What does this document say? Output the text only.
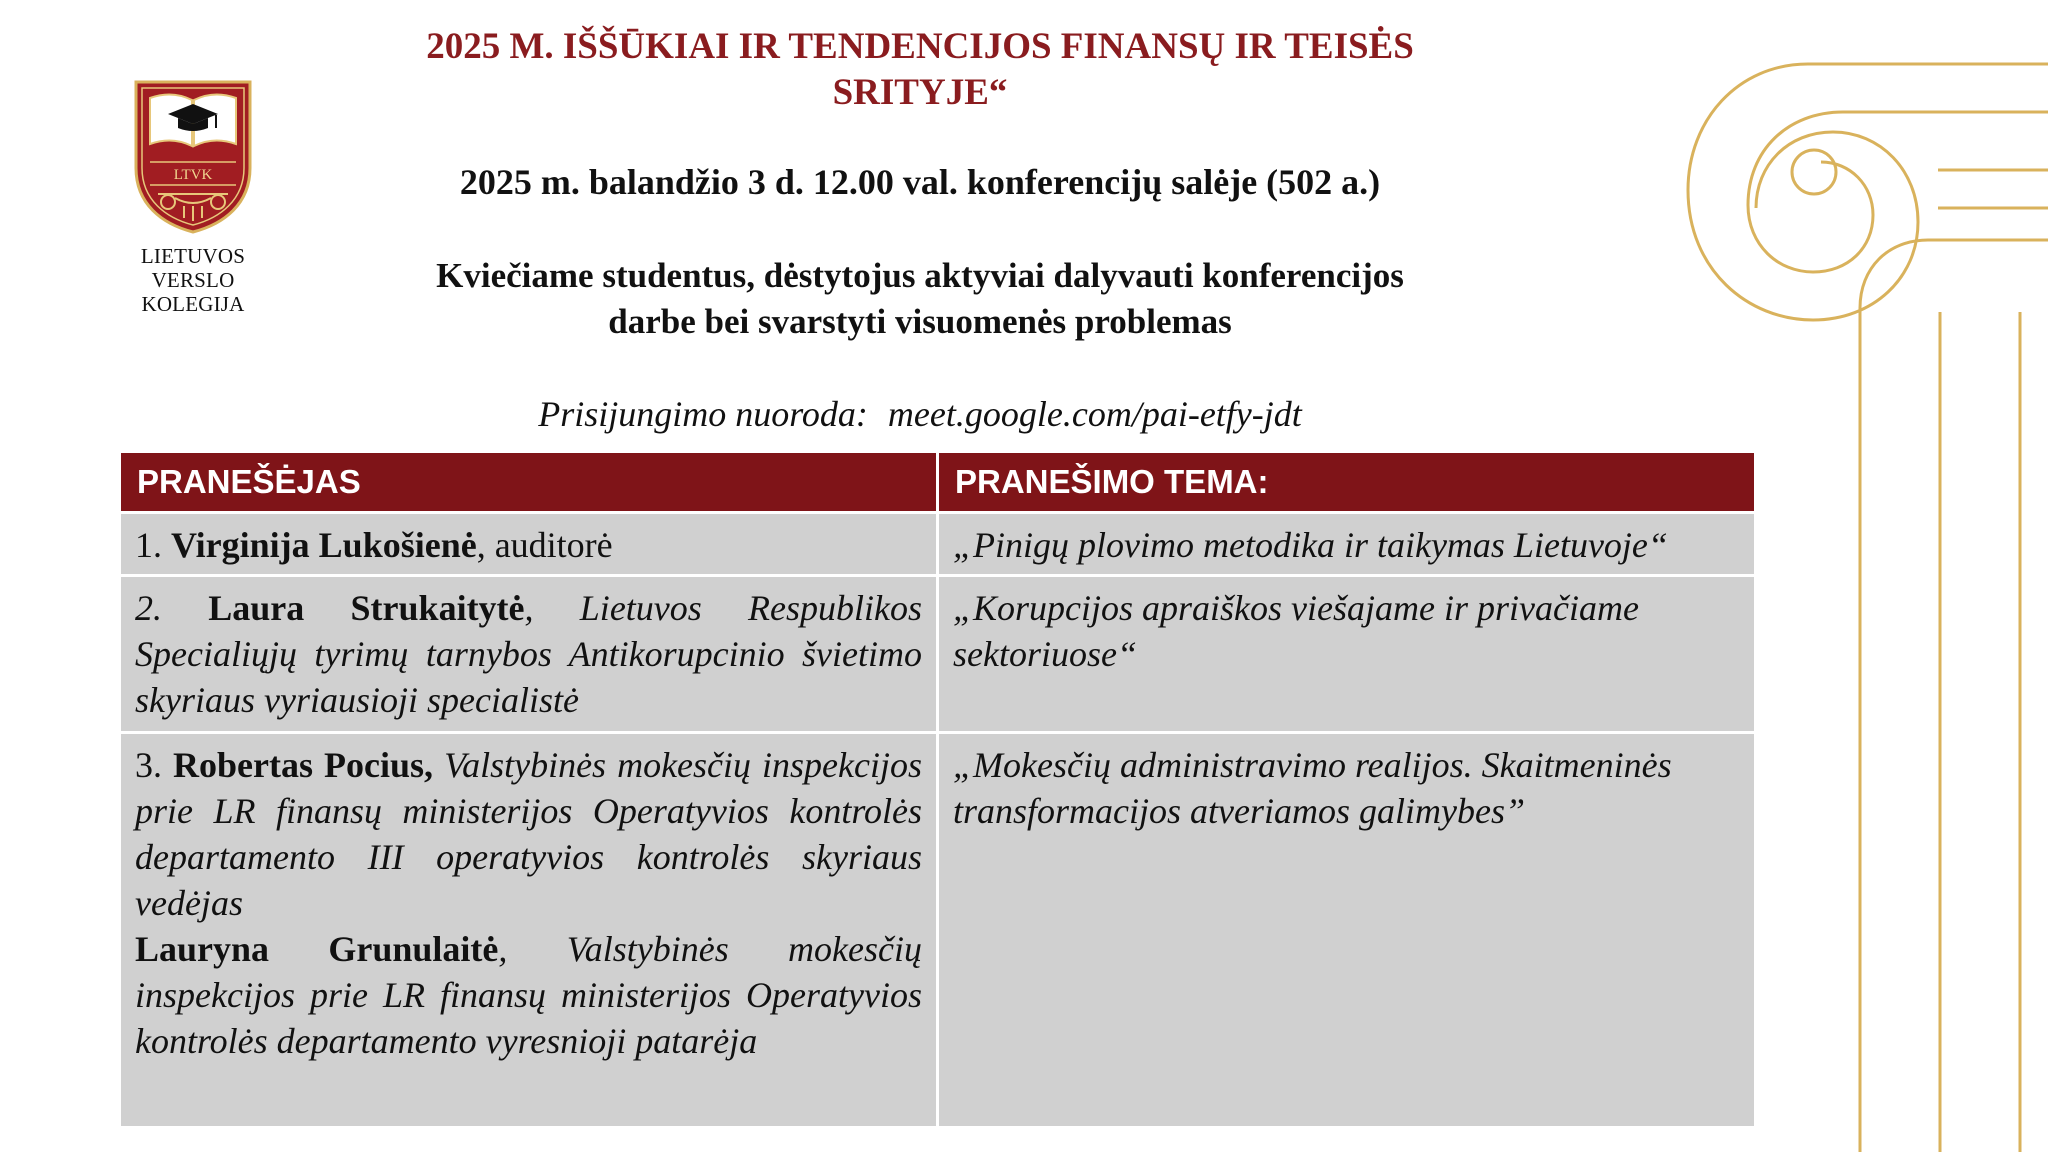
LTVK
LIETUVOS
VERSLO
KOLEGIJA
2025 M. IŠŠŪKIAI IR TENDENCIJOS FINANSŲ IR TEISĖS
SRITYJE“
2025 m. balandžio 3 d. 12.00 val. konferencijų salėje (502 a.)
Kviečiame studentus, dėstytojus aktyviai dalyvauti konferencijos
darbe bei svarstyti visuomenės problemas
Prisijungimo nuoroda: meet.google.com/pai-etfy-jdt
PRANEŠĖJAS	PRANEŠIMO TEMA:
1. Virginija Lukošienė, auditorė	„Pinigų plovimo metodika ir taikymas Lietuvoje“
2. Laura Strukaitytė, Lietuvos Respublikos Specialiųjų tyrimų tarnybos Antikorupcinio švietimo skyriaus vyriausioji specialistė	„Korupcijos apraiškos viešajame ir privačiame sektoriuose“

3. Robertas Pocius, Valstybinės mokesčių inspekcijos prie LR finansų ministerijos Operatyvios kontrolės departamento III operatyvios kontrolės skyriaus vedėjas
Lauryna Grunulaitė, Valstybinės mokesčių inspekcijos prie LR finansų ministerijos Operatyvios kontrolės departamento vyresnioji patarėja	„Mokesčių administravimo realijos. Skaitmeninės transformacijos atveriamos galimybes”
